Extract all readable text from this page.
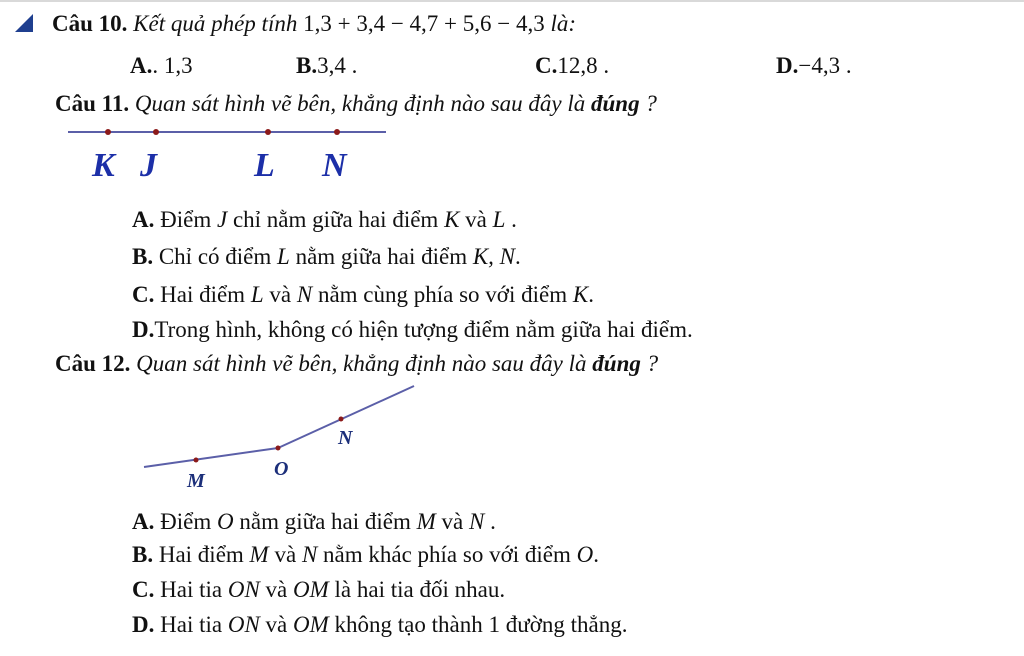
Câu 10. Kết quả phép tính 1,3 + 3,4 − 4,7 + 5,6 − 4,3 là:
A.. 1,3	B.3,4 .	C.12,8 .	D.−4,3 .
Câu 11. Quan sát hình vẽ bên, khẳng định nào sau đây là đúng ?
K J	L N
M
O
N
A. Điểm J chỉ nằm giữa hai điểm K và L .
B. Chỉ có điểm L nằm giữa hai điểm K, N.
C. Hai điểm L và N nằm cùng phía so với điểm K.
D.Trong hình, không có hiện tượng điểm nằm giữa hai điểm.
Câu 12. Quan sát hình vẽ bên, khẳng định nào sau đây là đúng ?
A. Điểm O nằm giữa hai điểm M và N .
B. Hai điểm M và N nằm khác phía so với điểm O.
C. Hai tia ON và OM là hai tia đối nhau.
D. Hai tia ON và OM không tạo thành 1 đường thẳng.
